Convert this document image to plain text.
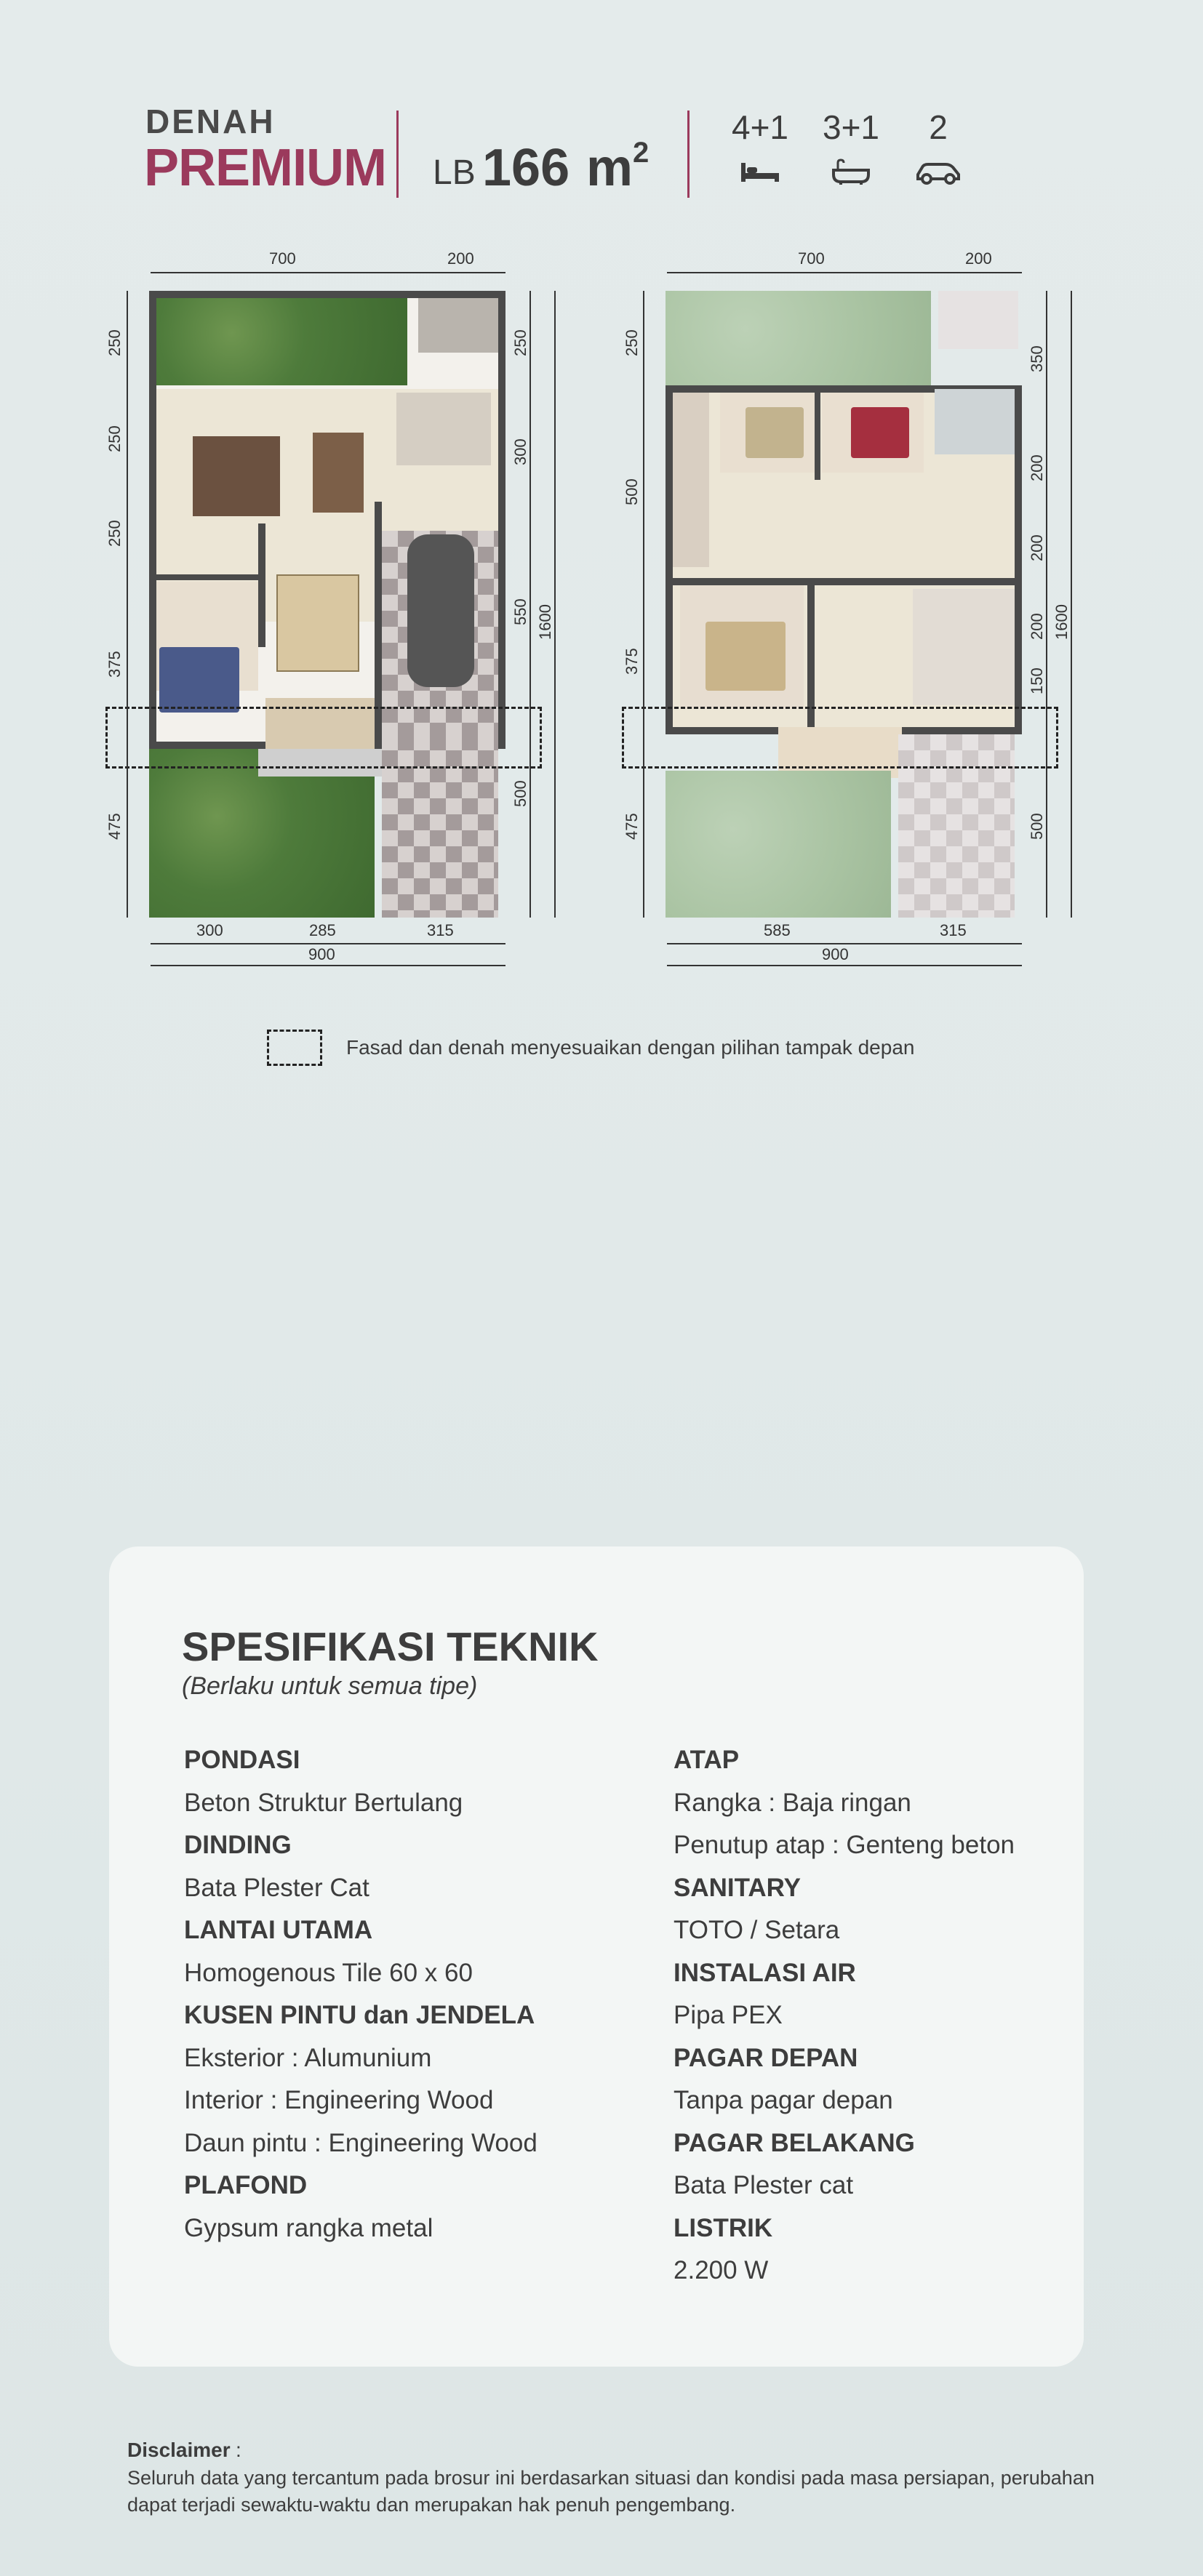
DENAH
PREMIUM LB 166 m 2
4+1	3+1	2
700	200
250
250
250
375
475
250
300
550
500
1600
300	285	315
900
700	200
250
500
375
475
350
200
200
200
150
500
1600
585	315
900
Fasad dan denah menyesuaikan dengan pilihan tampak depan
SPESIFIKASI TEKNIK
(Berlaku untuk semua tipe)
PONDASI
Beton Struktur Bertulang
DINDING
Bata Plester Cat
LANTAI UTAMA
Homogenous Tile 60 x 60
KUSEN PINTU dan JENDELA
Eksterior : Alumunium
Interior : Engineering Wood
Daun pintu : Engineering Wood
PLAFOND
Gypsum rangka metal
ATAP
Rangka : Baja ringan
Penutup atap : Genteng beton
SANITARY
TOTO / Setara
INSTALASI AIR
Pipa PEX
PAGAR DEPAN
Tanpa pagar depan
PAGAR BELAKANG
Bata Plester cat
LISTRIK
2.200 W
Disclaimer :
Seluruh data yang tercantum pada brosur ini berdasarkan situasi dan kondisi pada masa persiapan, perubahan dapat terjadi sewaktu-waktu dan merupakan hak penuh pengembang.
